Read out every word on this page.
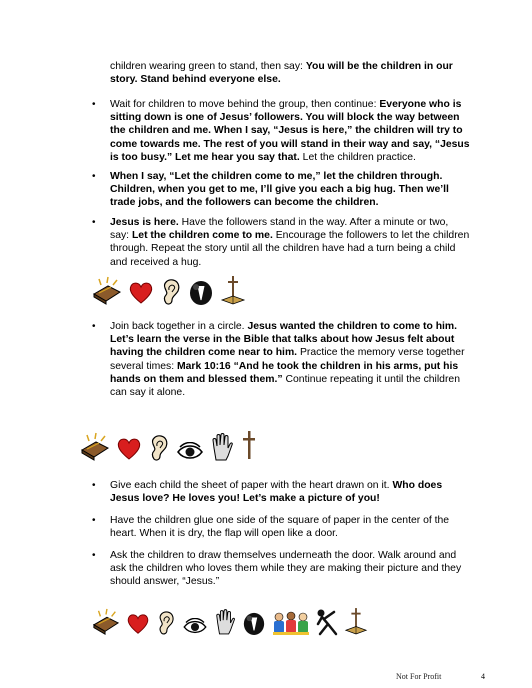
children wearing green to stand, then say: You will be the children in our story. Stand behind everyone else.
• Wait for children to move behind the group, then continue: Everyone who is sitting down is one of Jesus’ followers. You will block the way between the children and me. When I say, “Jesus is here,” the children will try to come towards me. The rest of you will stand in their way and say, “Jesus is too busy.” Let me hear you say that. Let the children practice.
• When I say, “Let the children come to me,” let the children through. Children, when you get to me, I’ll give you each a big hug. Then we’ll trade jobs, and the followers can become the children.
• Jesus is here. Have the followers stand in the way. After a minute or two, say: Let the children come to me. Encourage the followers to let the children through. Repeat the story until all the children have had a turn being a child and received a hug.
• Join back together in a circle. Jesus wanted the children to come to him. Let’s learn the verse in the Bible that talks about how Jesus felt about having the children come near to him. Practice the memory verse together several times: Mark 10:16 “And he took the children in his arms, put his hands on them and blessed them.” Continue repeating it until the children can say it alone.
• Give each child the sheet of paper with the heart drawn on it. Who does Jesus love? He loves you! Let’s make a picture of you!
• Have the children glue one side of the square of paper in the center of the heart. When it is dry, the flap will open like a door.
• Ask the children to draw themselves underneath the door. Walk around and ask the children who loves them while they are making their picture and they should answer, “Jesus.”
Not For Profit	4
